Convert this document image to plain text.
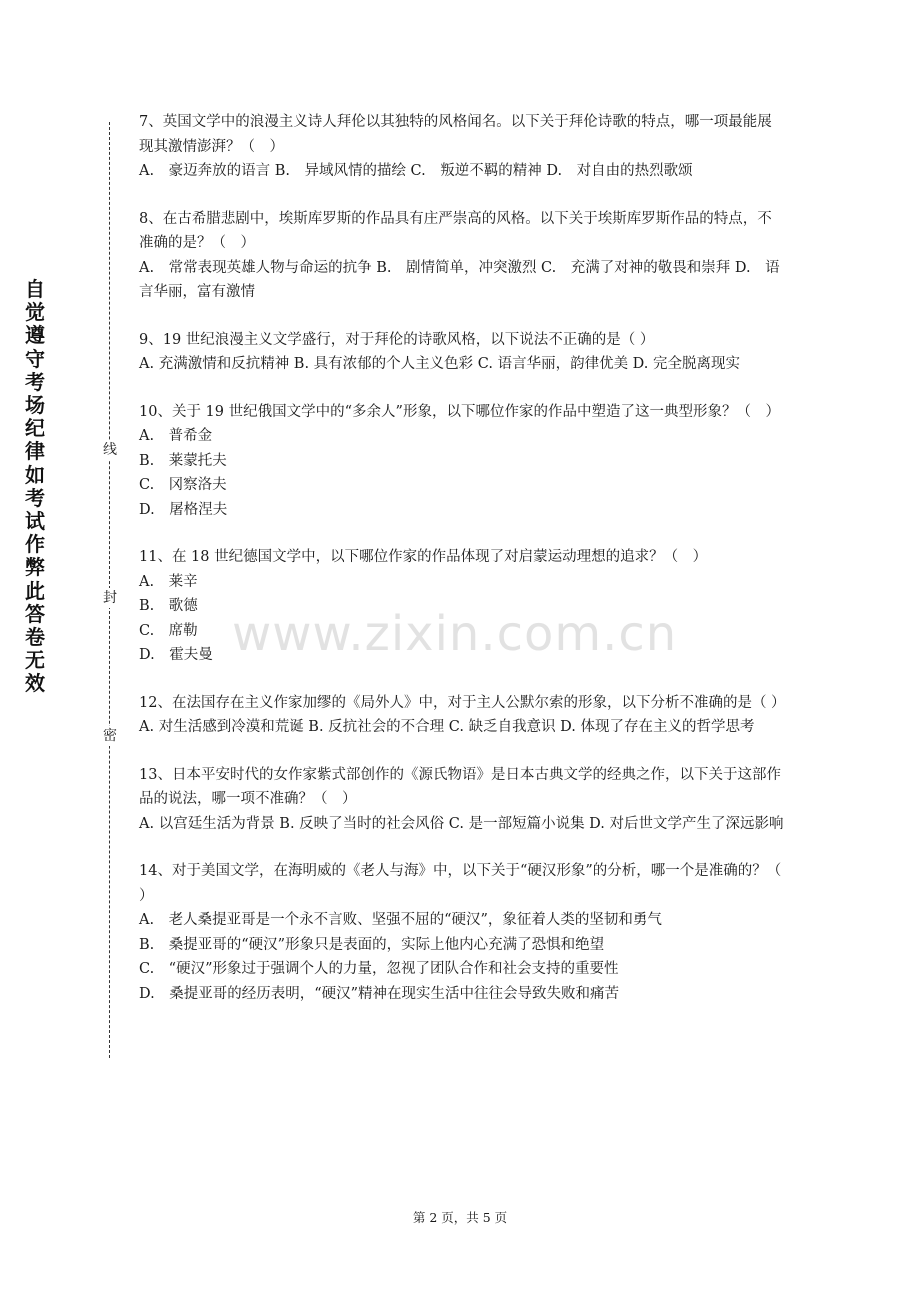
自觉遵守考场纪律如考试作弊此答卷无效
线
封
密
www.zixin.com.cn

7、英国文学中的浪漫主义诗人拜伦以其独特的风格闻名。以下关于拜伦诗歌的特点，哪一项最能展现其激情澎湃？（　）

A.　豪迈奔放的语言 B.　异域风情的描绘 C.　叛逆不羁的精神 D.　对自由的热烈歌颂

8、在古希腊悲剧中，埃斯库罗斯的作品具有庄严崇高的风格。以下关于埃斯库罗斯作品的特点，不准确的是？（　）

A.　常常表现英雄人物与命运的抗争 B.　剧情简单，冲突激烈 C.　充满了对神的敬畏和崇拜 D.　语言华丽，富有激情

9、19 世纪浪漫主义文学盛行，对于拜伦的诗歌风格，以下说法不正确的是（ ）

A. 充满激情和反抗精神 B. 具有浓郁的个人主义色彩 C. 语言华丽，韵律优美 D. 完全脱离现实

10、关于 19 世纪俄国文学中的“多余人”形象，以下哪位作家的作品中塑造了这一典型形象？（　）

A.　普希金

B.　莱蒙托夫

C.　冈察洛夫

D.　屠格涅夫

11、在 18 世纪德国文学中，以下哪位作家的作品体现了对启蒙运动理想的追求？（　）

A.　莱辛

B.　歌德

C.　席勒

D.　霍夫曼

12、在法国存在主义作家加缪的《局外人》中，对于主人公默尔索的形象，以下分析不准确的是（ ）

A. 对生活感到冷漠和荒诞 B. 反抗社会的不合理 C. 缺乏自我意识 D. 体现了存在主义的哲学思考

13、日本平安时代的女作家紫式部创作的《源氏物语》是日本古典文学的经典之作，以下关于这部作品的说法，哪一项不准确？（　）

A. 以宫廷生活为背景 B. 反映了当时的社会风俗 C. 是一部短篇小说集 D. 对后世文学产生了深远影响

14、对于美国文学，在海明威的《老人与海》中，以下关于“硬汉形象”的分析，哪一个是准确的？（ ）

A.　老人桑提亚哥是一个永不言败、坚强不屈的“硬汉”，象征着人类的坚韧和勇气

B.　桑提亚哥的“硬汉”形象只是表面的，实际上他内心充满了恐惧和绝望

C.　“硬汉”形象过于强调个人的力量，忽视了团队合作和社会支持的重要性

D.　桑提亚哥的经历表明，“硬汉”精神在现实生活中往往会导致失败和痛苦

第 2 页，共 5 页
